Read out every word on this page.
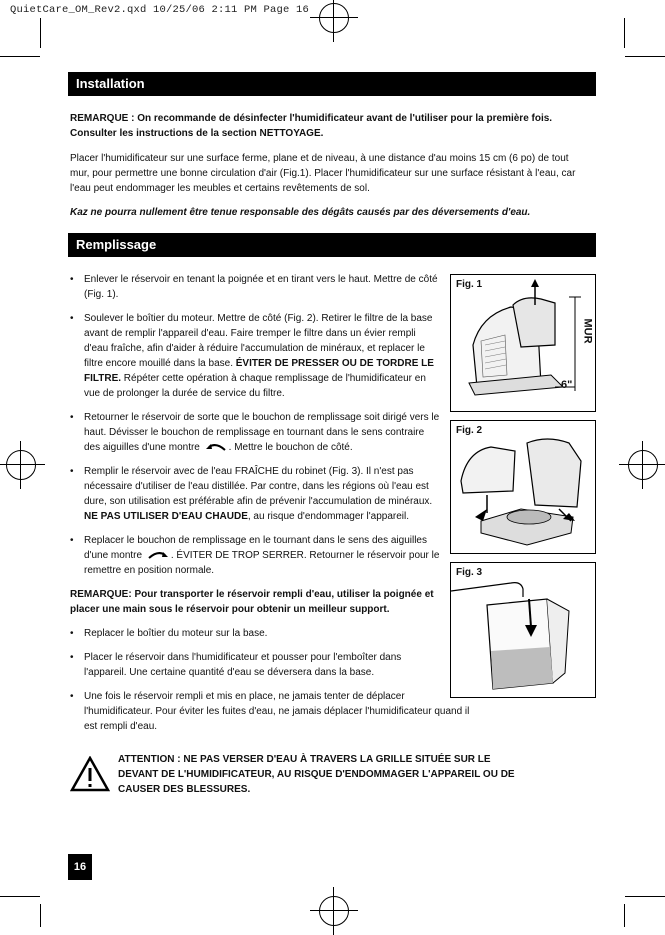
QuietCare_OM_Rev2.qxd 10/25/06 2:11 PM Page 16
Installation
REMARQUE : On recommande de désinfecter l'humidificateur avant de l'utiliser pour la première fois. Consulter les instructions de la section NETTOYAGE.
Placer l'humidificateur sur une surface ferme, plane et de niveau, à une distance d'au moins 15 cm (6 po) de tout mur, pour permettre une bonne circulation d'air (Fig.1). Placer l'humidificateur sur une surface résistant à l'eau, car l'eau peut endommager les meubles et certains revêtements de sol.
Kaz ne pourra nullement être tenue responsable des dégâts causés par des déversements d'eau.
Remplissage
• Enlever le réservoir en tenant la poignée et en tirant vers le haut. Mettre de côté (Fig. 1).
• Soulever le boîtier du moteur. Mettre de côté (Fig. 2). Retirer le filtre de la base avant de remplir l'appareil d'eau. Faire tremper le filtre dans un évier rempli d'eau fraîche, afin d'aider à réduire l'accumulation de minéraux, et replacer le filtre encore mouillé dans la base. ÉVITER DE PRESSER OU DE TORDRE LE FILTRE. Répéter cette opération à chaque remplissage de l'humidificateur en vue de prolonger la durée de service du filtre.
• Retourner le réservoir de sorte que le bouchon de remplissage soit dirigé vers le haut. Dévisser le bouchon de remplissage en tournant dans le sens contraire des aiguilles d'une montre	. Mettre le bouchon de côté.
• Remplir le réservoir avec de l'eau FRAÎCHE du robinet (Fig. 3). Il n'est pas nécessaire d'utiliser de l'eau distillée. Par contre, dans les régions où l'eau est dure, son utilisation est préférable afin de prévenir l'accumulation de minéraux. NE PAS UTILISER D'EAU CHAUDE, au risque d'endommager l'appareil.
• Replacer le bouchon de remplissage en le tournant dans le sens des aiguilles d'une montre	. ÉVITER DE TROP SERRER. Retourner le réservoir pour le remettre en position normale.

REMARQUE: Pour transporter le réservoir rempli d'eau, utiliser la poignée et placer une main sous le réservoir pour obtenir un meilleur support.

• Replacer le boîtier du moteur sur la base.
• Placer le réservoir dans l'humidificateur et pousser pour l'emboîter dans l'appareil. Une certaine quantité d'eau se déversera dans la base.
• Une fois le réservoir rempli et mis en place, ne jamais tenter de déplacer l'humidificateur. Pour éviter les fuites d'eau, ne jamais déplacer l'humidificateur quand il est rempli d'eau.
Fig. 1
MUR
6"
Fig. 2
Fig. 3
ATTENTION : NE PAS VERSER D'EAU À TRAVERS LA GRILLE SITUÉE SUR LE DEVANT DE L'HUMIDIFICATEUR, AU RISQUE D'ENDOMMAGER L'APPAREIL OU DE CAUSER DES BLESSURES.
16
